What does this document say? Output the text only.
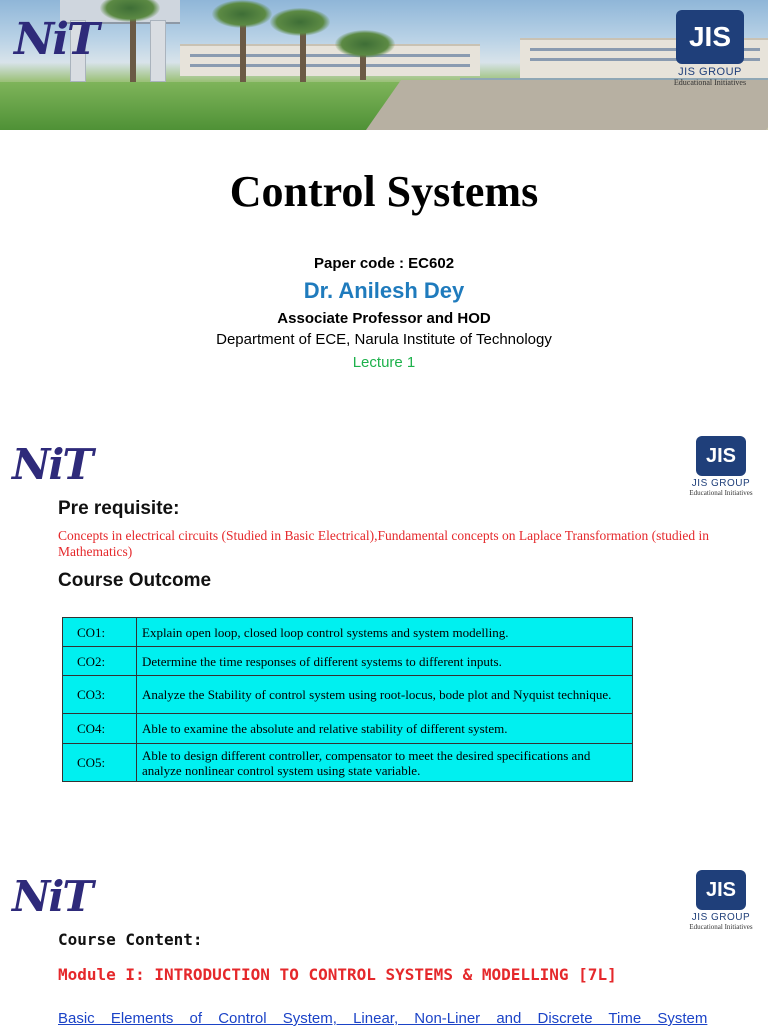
NiT	JIS
JIS GROUP
Educational Initiatives
Control Systems
Paper code : EC602
Dr. Anilesh Dey
Associate Professor and HOD
Department of ECE, Narula Institute of Technology
Lecture 1
NiT	JIS
JIS GROUP
Educational Initiatives
Pre requisite:
Concepts in electrical circuits (Studied in Basic Electrical),Fundamental concepts on Laplace Transformation (studied in Mathematics)
Course Outcome
CO1:	Explain open loop, closed loop control systems and system modelling.
CO2:	Determine the time responses of different systems to different inputs.
CO3:	Analyze the Stability of control system using root-locus, bode plot and Nyquist technique.
CO4:	Able to examine the absolute and relative stability of different system.
CO5:	Able to design different controller, compensator to meet the desired specifications and analyze nonlinear control system using state variable.
NiT	JIS
JIS GROUP
Educational Initiatives
Course Content:
Module I: INTRODUCTION TO CONTROL SYSTEMS & MODELLING [7L]
Basic Elements of Control System, Linear, Non-Liner and Discrete Time System
